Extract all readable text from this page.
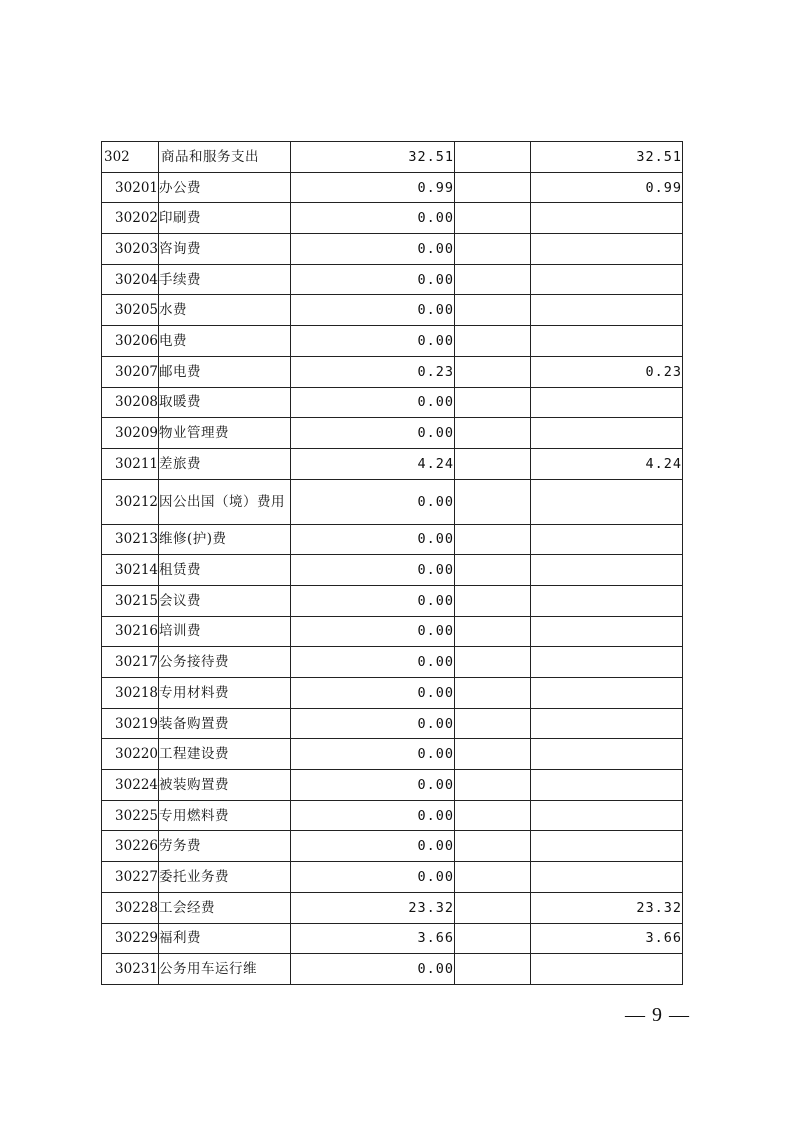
302	商品和服务支出	32.51		32.51
30201	办公费	0.99		0.99
30202	印刷费	0.00		
30203	咨询费	0.00		
30204	手续费	0.00		
30205	水费	0.00		
30206	电费	0.00		
30207	邮电费	0.23		0.23
30208	取暖费	0.00		
30209	物业管理费	0.00		
30211	差旅费	4.24		4.24
30212	因公出国（境）费用	0.00		
30213	维修(护)费	0.00		
30214	租赁费	0.00		
30215	会议费	0.00		
30216	培训费	0.00		
30217	公务接待费	0.00		
30218	专用材料费	0.00		
30219	装备购置费	0.00		
30220	工程建设费	0.00		
30224	被装购置费	0.00		
30225	专用燃料费	0.00		
30226	劳务费	0.00		
30227	委托业务费	0.00		
30228	工会经费	23.32		23.32
30229	福利费	3.66		3.66
30231	公务用车运行维	0.00		
— 9 —
